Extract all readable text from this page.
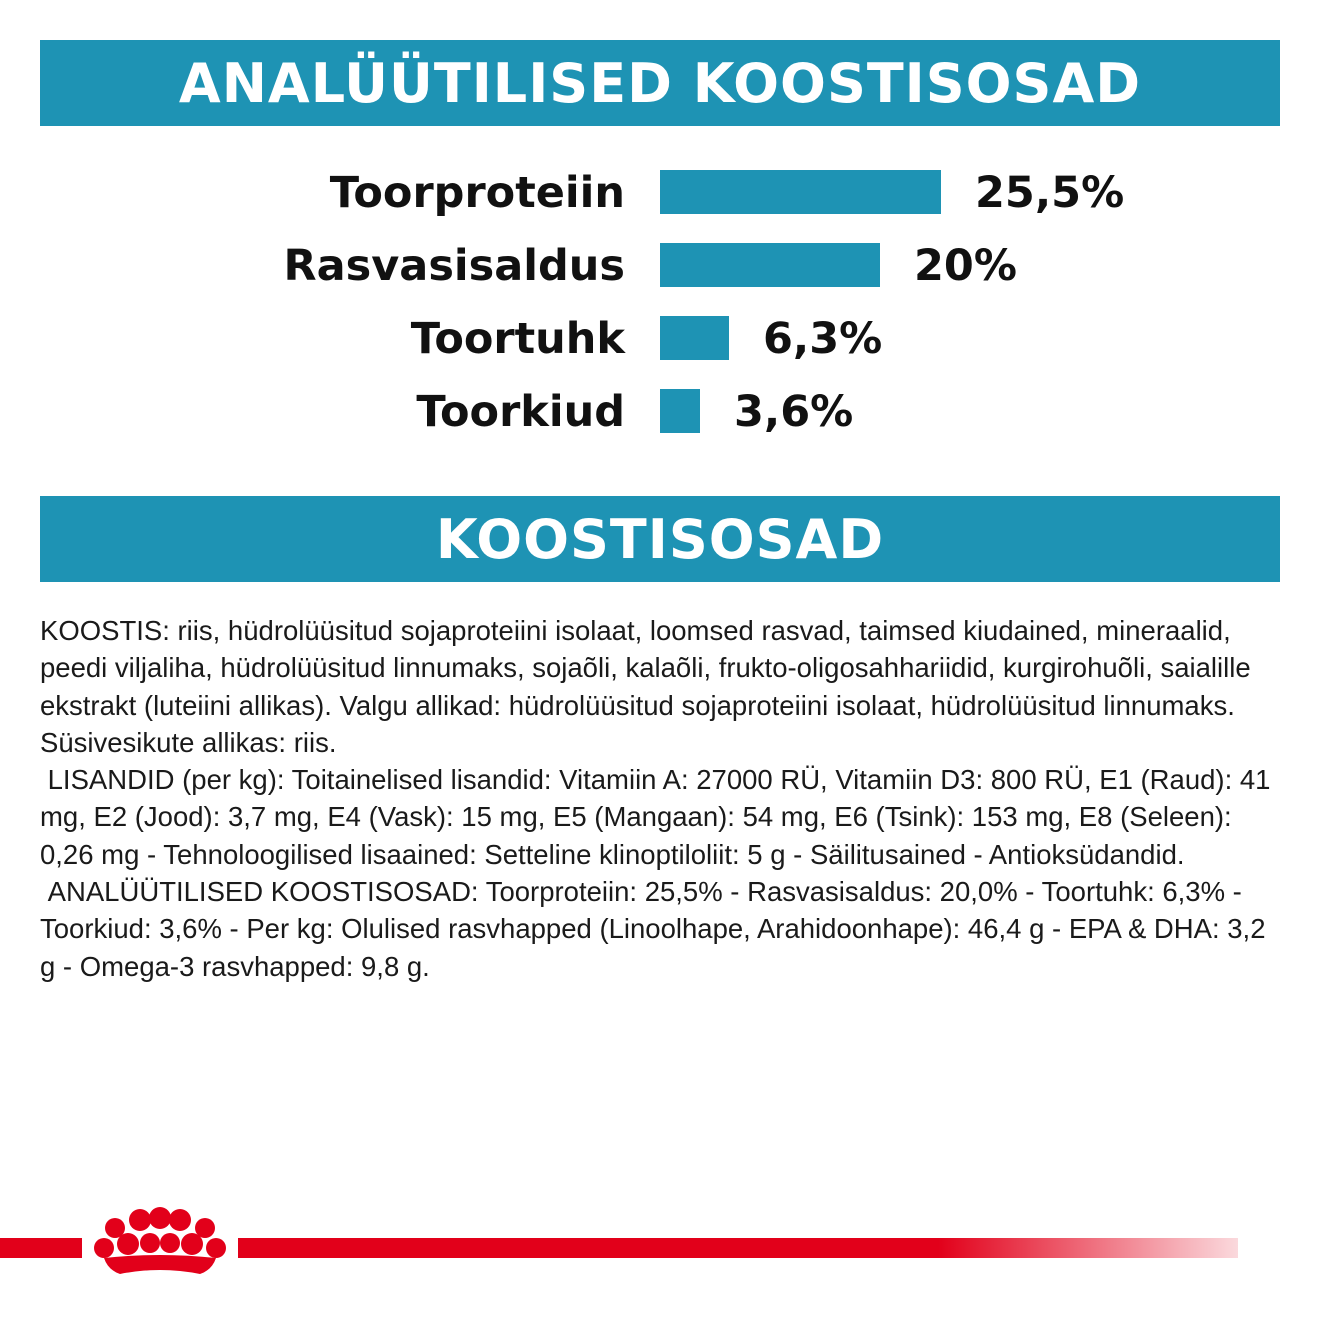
ANALÜÜTILISED KOOSTISOSAD
Toorproteiin	25,5%
Rasvasisaldus	20%
Toortuhk	6,3%
Toorkiud	3,6%
KOOSTISOSAD

KOOSTIS: riis, hüdrolüüsitud sojaproteiini isolaat, loomsed rasvad, taimsed kiudained, mineraalid, peedi viljaliha, hüdrolüüsitud linnumaks, sojaõli, kalaõli, frukto-oligosahhariidid, kurgirohuõli, saialille ekstrakt (luteiini allikas). Valgu allikad: hüdrolüüsitud sojaproteiini isolaat, hüdrolüüsitud linnumaks. Süsivesikute allikas: riis.

LISANDID (per kg): Toitainelised lisandid: Vitamiin A: 27000 RÜ, Vitamiin D3: 800 RÜ, E1 (Raud): 41 mg, E2 (Jood): 3,7 mg, E4 (Vask): 15 mg, E5 (Mangaan): 54 mg, E6 (Tsink): 153 mg, E8 (Seleen): 0,26 mg - Tehnoloogilised lisaained: Setteline klinoptiloliit: 5 g - Säilitusained - Antioksüdandid.

ANALÜÜTILISED KOOSTISOSAD: Toorproteiin: 25,5% - Rasvasisaldus: 20,0% - Toortuhk: 6,3% - Toorkiud: 3,6% - Per kg: Olulised rasvhapped (Linoolhape, Arahidoonhape): 46,4 g - EPA & DHA: 3,2 g - Omega-3 rasvhapped: 9,8 g.
